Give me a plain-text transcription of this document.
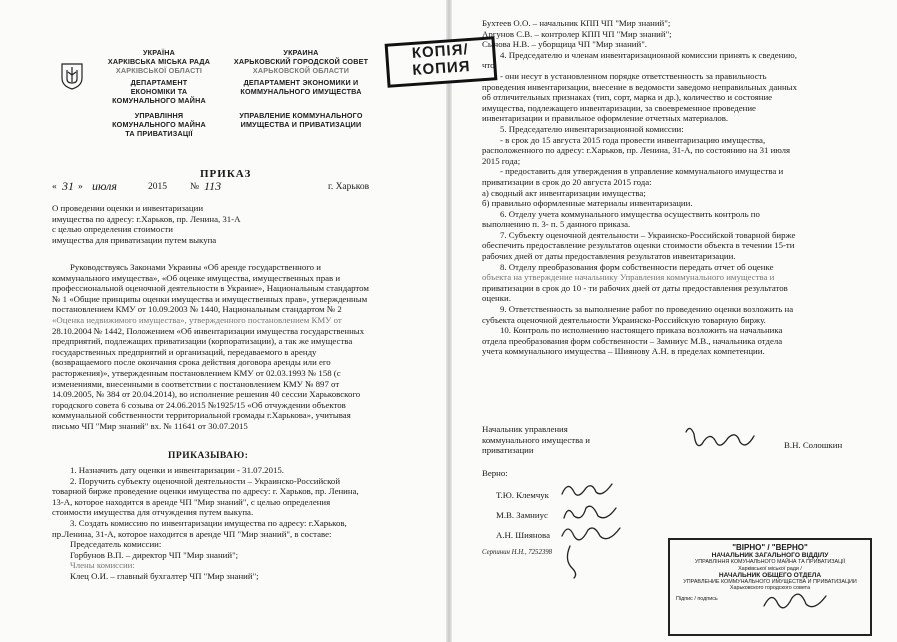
УКРАЇНА
ХАРКІВСЬКА МІСЬКА РАДА
ХАРКІВСЬКОЇ ОБЛАСТІ
ДЕПАРТАМЕНТ
ЕКОНОМІКИ ТА
КОМУНАЛЬНОГО МАЙНА
УПРАВЛІННЯ
КОМУНАЛЬНОГО МАЙНА
ТА ПРИВАТИЗАЦІЇ
УКРАИНА
ХАРЬКОВСКИЙ ГОРОДСКОЙ СОВЕТ
ХАРЬКОВСКОЙ ОБЛАСТИ
ДЕПАРТАМЕНТ ЭКОНОМИКИ И
КОММУНАЛЬНОГО ИМУЩЕСТВА
УПРАВЛЕНИЕ КОММУНАЛЬНОГО
ИМУЩЕСТВА И ПРИВАТИЗАЦИИ
КОПІЯ/
КОПИЯ
ПРИКАЗ
« 31 » июля	2015 № 113	г. Харьков
О проведении оценки и инвентаризации
имущества по адресу: г.Харьков, пр. Ленина, 31-А
с целью определения стоимости
имущества для приватизации путем выкупа
Руководствуясь Законами Украины «Об аренде государственного и
коммунального имущества», «Об оценке имущества, имущественных прав и
профессиональной оценочной деятельности в Украине», Национальным стандартом
№ 1 «Общие принципы оценки имущества и имущественных прав», утвержденным
постановлением КМУ от 10.09.2003 № 1440, Национальным стандартом № 2
«Оценка недвижимого имущества», утвержденного постановлением КМУ от
28.10.2004 № 1442, Положением «Об инвентаризации имущества государственных
предприятий, подлежащих приватизации (корпоратизации), а так же имущества
государственных предприятий и организаций, передаваемого в аренду
(возвращаемого после окончания срока действия договора аренды или его
расторжения)», утвержденным постановлением КМУ от 02.03.1993 № 158 (с
изменениями, внесенными в соответствии с постановлением КМУ № 897 от
14.09.2005, № 384 от 20.04.2014), во исполнение решения 40 сессии Харьковского
городского совета 6 созыва от 24.06.2015 №1925/15 «Об отчуждении объектов
коммунальной собственности территориальной громады г.Харькова», учитывая
письмо ЧП "Мир знаний" вх. № 11641 от 30.07.2015
ПРИКАЗЫВАЮ:
1. Назначить дату оценки и инвентаризации - 31.07.2015.
2. Поручить субъекту оценочной деятельности – Украинско-Российской
товарной бирже проведение оценки имущества по адресу: г. Харьков, пр. Ленина,
13-А, которое находится в аренде ЧП "Мир знаний", с целью определения
стоимости имущества для отчуждения путем выкупа.
3. Создать комиссию по инвентаризации имущества по адресу: г.Харьков,
пр.Ленина, 31-А, которое находится в аренде ЧП "Мир знаний", в составе:
Председатель комиссии:
Горбунов В.П. – директор ЧП "Мир знаний";
Члены комиссии:
Клец О.И. – главный бухгалтер ЧП "Мир знаний";
Бухтеев О.О. – начальник КПП ЧП "Мир знаний";
Аргунов С.В. – контролер КПП ЧП "Мир знаний";
Сычова Н.В. – уборщица ЧП "Мир знаний".
4. Председателю и членам инвентаризационной комиссии принять к сведению,
что:
- они несут в установленном порядке ответственность за правильность
проведения инвентаризации, внесение в ведомости заведомо неправильных данных
об отличительных признаках (тип, сорт, марка и др.), количество и состояние
имущества, подлежащего инвентаризации, за своевременное проведение
инвентаризации и правильное оформление отчетных материалов.
5. Председателю инвентаризационной комиссии:
- в срок до 15 августа 2015 года провести инвентаризацию имущества,
расположенного по адресу: г.Харьков, пр. Ленина, 31-А, по состоянию на 31 июля
2015 года;
- предоставить для утверждения в управление коммунального имущества и
приватизации в срок до 20 августа 2015 года:
а) сводный акт инвентаризации имущества;
б) правильно оформленные материалы инвентаризации.
6. Отделу учета коммунального имущества осуществить контроль по
выполнению п. 3- п. 5 данного приказа.
7. Субъекту оценочной деятельности – Украинско-Российской товарной бирже
обеспечить предоставление результатов оценки стоимости объекта в течении 15-ти
рабочих дней от даты предоставления результатов инвентаризации.
8. Отделу преобразования форм собственности передать отчет об оценке
объекта на утверждение начальнику Управления коммунального имущества и
приватизации в срок до 10 - ти рабочих дней от даты предоставления результатов
оценки.
9. Ответственность за выполнение работ по проведению оценки возложить на
субъекта оценочной деятельности Украинско-Российскую товарную биржу.
10. Контроль по исполнению настоящего приказа возложить на начальника
отдела преобразования форм собственности – Замниус М.В., начальника отдела
учета коммунального имущества – Шиянову А.Н. в пределах компетенции.
Начальник управления
коммунального имущества и
приватизации
В.Н. Солошкин
Верно:
Т.Ю. Клемчук
М.В. Замниус
А.Н. Шиянова
Серпинин Н.Н., 7252398
"ВІРНО" / "ВЕРНО"
НАЧАЛЬНИК ЗАГАЛЬНОГО ВІДДІЛУ
УПРАВЛІННЯ КОМУНАЛЬНОГО МАЙНА ТА ПРИВАТИЗАЦІЇ
Харківської міської ради /
НАЧАЛЬНИК ОБЩЕГО ОТДЕЛА
УПРАВЛЕНИЕ КОММУНАЛЬНОГО ИМУЩЕСТВА И ПРИВАТИЗАЦИИ
Харьковского городского совета
Підпис / подпись
